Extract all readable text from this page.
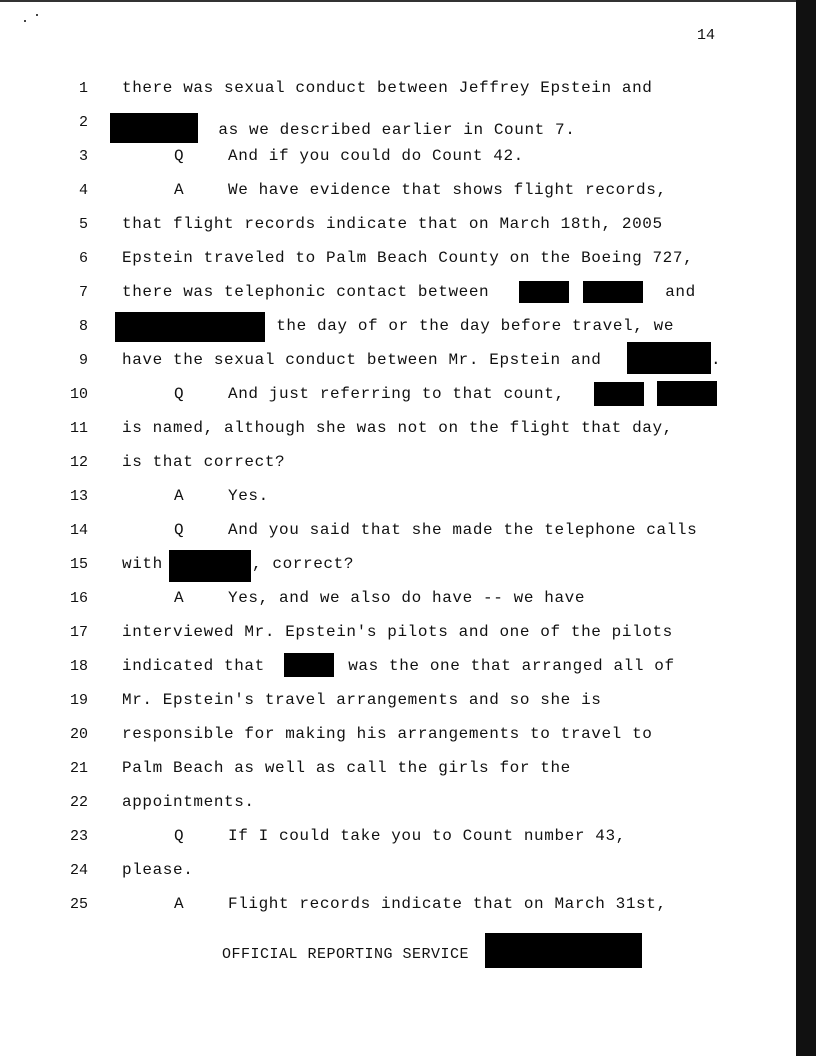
14
1 there was sexual conduct between Jeffrey Epstein and
2	as we described earlier in Count 7.
3	Q	And if you could do Count 42.
4	A	We have evidence that shows flight records,
5 that flight records indicate that on March 18th, 2005
6 Epstein traveled to Palm Beach County on the Boeing 727,
7 there was telephonic contact between	and
8	the day of or the day before travel, we
9 have the sexual conduct between Mr. Epstein and	.
10	Q	And just referring to that count,
11 is named, although she was not on the flight that day,
12 is that correct?
13	A	Yes.
14	Q	And you said that she made the telephone calls
15 with	, correct?
16	A	Yes, and we also do have -- we have
17 interviewed Mr. Epstein's pilots and one of the pilots
18 indicated that	was the one that arranged all of
19 Mr. Epstein's travel arrangements and so she is
20 responsible for making his arrangements to travel to
21 Palm Beach as well as call the girls for the
22 appointments.
23	Q	If I could take you to Count number 43,
24 please.
25	A	Flight records indicate that on March 31st,
OFFICIAL REPORTING SERVICE
